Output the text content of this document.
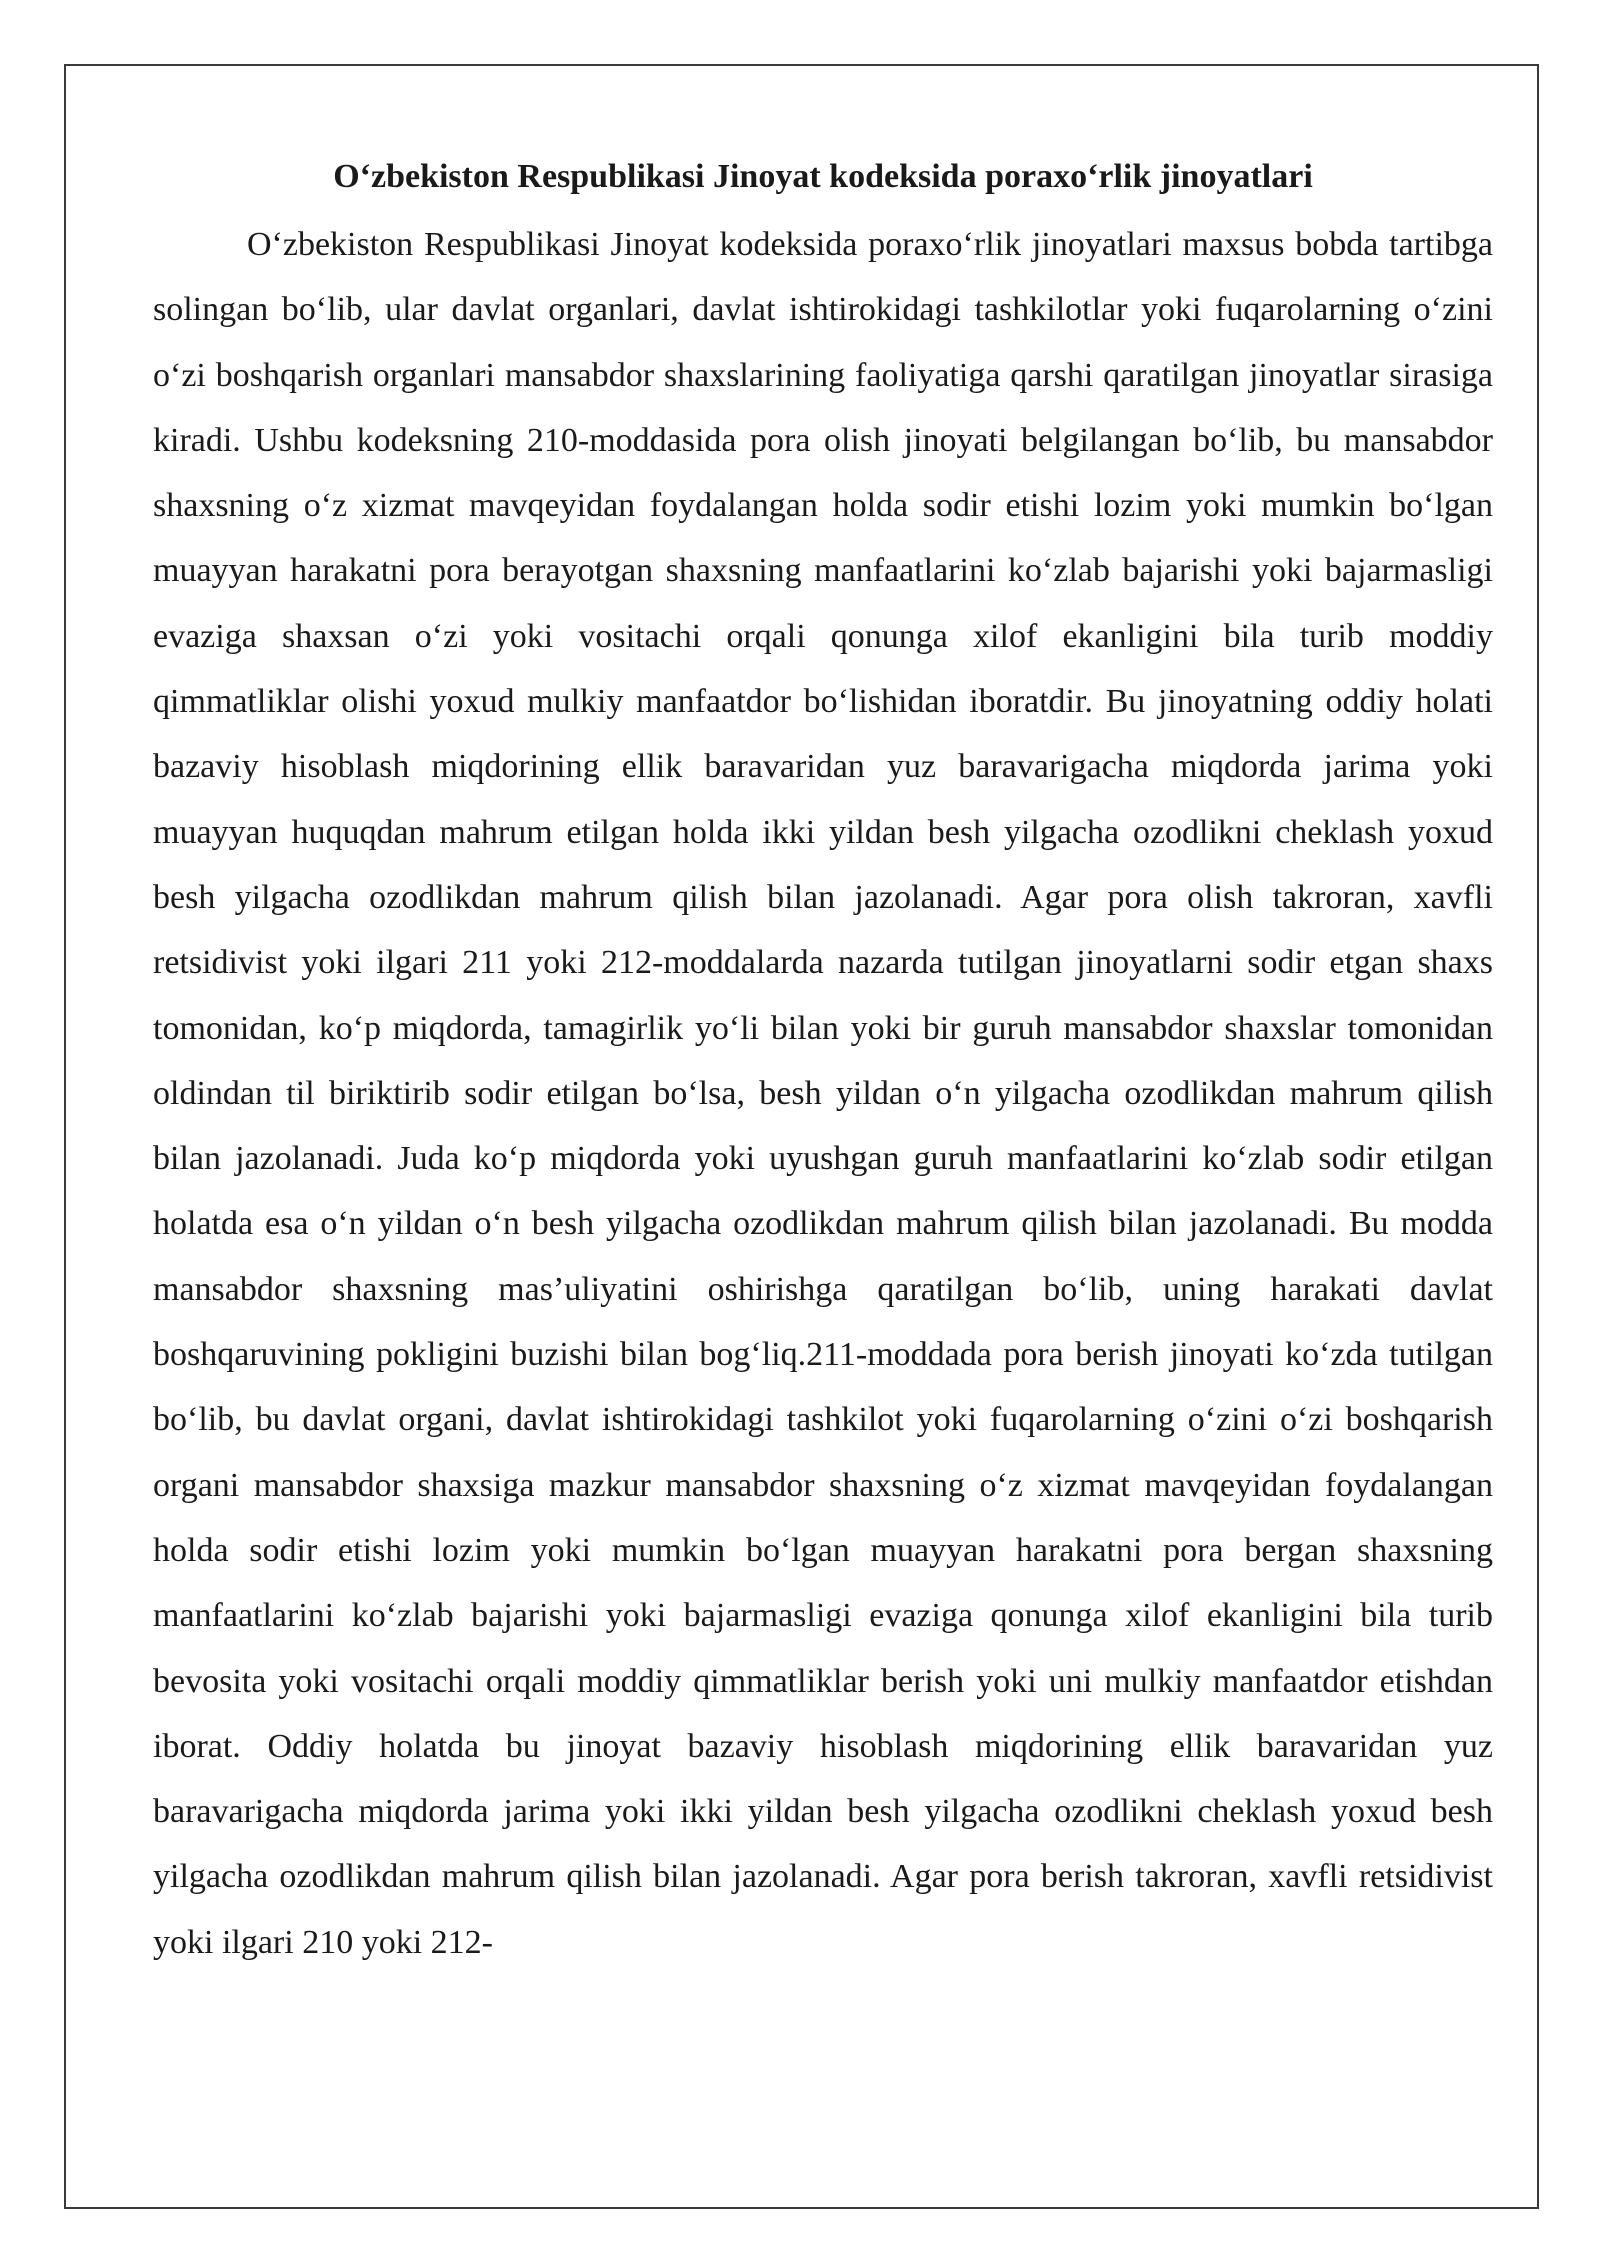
O‘zbekiston Respublikasi Jinoyat kodeksida poraxo‘rlik jinoyatlari

O‘zbekiston Respublikasi Jinoyat kodeksida poraxo‘rlik jinoyatlari maxsus bobda tartibga solingan bo‘lib, ular davlat organlari, davlat ishtirokidagi tashkilotlar yoki fuqarolarning o‘zini o‘zi boshqarish organlari mansabdor shaxslarining faoliyatiga qarshi qaratilgan jinoyatlar sirasiga kiradi. Ushbu kodeksning 210-moddasida pora olish jinoyati belgilangan bo‘lib, bu mansabdor shaxsning o‘z xizmat mavqeyidan foydalangan holda sodir etishi lozim yoki mumkin bo‘lgan muayyan harakatni pora berayotgan shaxsning manfaatlarini ko‘zlab bajarishi yoki bajarmasligi evaziga shaxsan o‘zi yoki vositachi orqali qonunga xilof ekanligini bila turib moddiy qimmatliklar olishi yoxud mulkiy manfaatdor bo‘lishidan iboratdir. Bu jinoyatning oddiy holati bazaviy hisoblash miqdorining ellik baravaridan yuz baravarigacha miqdorda jarima yoki muayyan huquqdan mahrum etilgan holda ikki yildan besh yilgacha ozodlikni cheklash yoxud besh yilgacha ozodlikdan mahrum qilish bilan jazolanadi. Agar pora olish takroran, xavfli retsidivist yoki ilgari 211 yoki 212-moddalarda nazarda tutilgan jinoyatlarni sodir etgan shaxs tomonidan, ko‘p miqdorda, tamagirlik yo‘li bilan yoki bir guruh mansabdor shaxslar tomonidan oldindan til biriktirib sodir etilgan bo‘lsa, besh yildan o‘n yilgacha ozodlikdan mahrum qilish bilan jazolanadi. Juda ko‘p miqdorda yoki uyushgan guruh manfaatlarini ko‘zlab sodir etilgan holatda esa o‘n yildan o‘n besh yilgacha ozodlikdan mahrum qilish bilan jazolanadi. Bu modda mansabdor shaxsning mas’uliyatini oshirishga qaratilgan bo‘lib, uning harakati davlat boshqaruvining pokligini buzishi bilan bog‘liq.211-moddada pora berish jinoyati ko‘zda tutilgan bo‘lib, bu davlat organi, davlat ishtirokidagi tashkilot yoki fuqarolarning o‘zini o‘zi boshqarish organi mansabdor shaxsiga mazkur mansabdor shaxsning o‘z xizmat mavqeyidan foydalangan holda sodir etishi lozim yoki mumkin bo‘lgan muayyan harakatni pora bergan shaxsning manfaatlarini ko‘zlab bajarishi yoki bajarmasligi evaziga qonunga xilof ekanligini bila turib bevosita yoki vositachi orqali moddiy qimmatliklar berish yoki uni mulkiy manfaatdor etishdan iborat. Oddiy holatda bu jinoyat bazaviy hisoblash miqdorining ellik baravaridan yuz baravarigacha miqdorda jarima yoki ikki yildan besh yilgacha ozodlikni cheklash yoxud besh yilgacha ozodlikdan mahrum qilish bilan jazolanadi. Agar pora berish takroran, xavfli retsidivist yoki ilgari 210 yoki 212-
